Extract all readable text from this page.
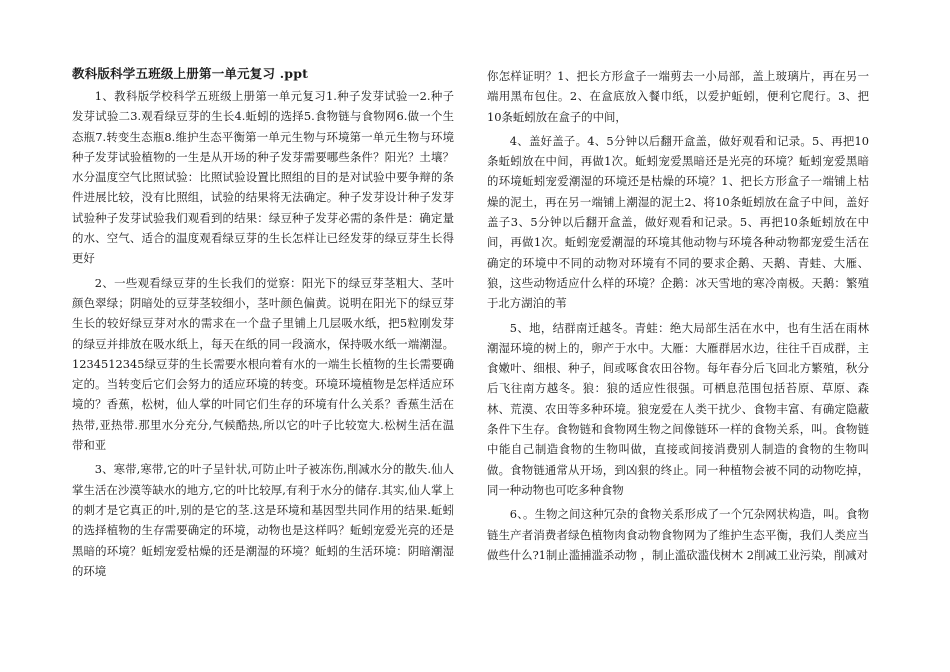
教科版科学五班级上册第一单元复习 .ppt

1、教科版学校科学五班级上册第一单元复习1.种子发芽试验一2.种子发芽试验二3.观看绿豆芽的生长4.蚯蚓的选择5.食物链与食物网6.做一个生态瓶7.转变生态瓶8.维护生态平衡第一单元生物与环境第一单元生物与环境种子发芽试验植物的一生是从开场的种子发芽需要哪些条件？阳光？土壤？水分温度空气比照试验：比照试验设置比照组的目的是对试验中要争辩的条件进展比较，没有比照组，试验的结果将无法确定。种子发芽设计种子发芽试验种子发芽试验我们观看到的结果：绿豆种子发芽必需的条件是：确定量的水、空气、适合的温度观看绿豆芽的生长怎样让已经发芽的绿豆芽生长得更好

2、一些观看绿豆芽的生长我们的觉察：阳光下的绿豆芽茎粗大、茎叶颜色翠绿；阴暗处的豆芽茎较细小，茎叶颜色偏黄。说明在阳光下的绿豆芽生长的较好绿豆芽对水的需求在一个盘子里铺上几层吸水纸，把5粒刚发芽的绿豆并排放在吸水纸上，每天在纸的同一段滴水，保持吸水纸一端潮湿。1234512345绿豆芽的生长需要水根向着有水的一端生长植物的生长需要确定的。当转变后它们会努力的适应环境的转变。环境环境植物是怎样适应环境的？香蕉，松树，仙人掌的叶同它们生存的环境有什么关系？香蕉生活在热带,亚热带.那里水分充分,气候酷热,所以它的叶子比较宽大.松树生活在温带和亚

3、寒带,寒带,它的叶子呈针状,可防止叶子被冻伤,削减水分的散失.仙人掌生活在沙漠等缺水的地方,它的叶比较厚,有利于水分的储存.其实,仙人掌上的刺才是它真正的叶,别的是它的茎.这是环境和基因型共同作用的结果.蚯蚓的选择植物的生存需要确定的环境，动物也是这样吗？蚯蚓宠爱光亮的还是黑暗的环境？蚯蚓宠爱枯燥的还是潮湿的环境？蚯蚓的生活环境：阴暗潮湿的环境

你怎样证明？1、把长方形盒子一端剪去一小局部，盖上玻璃片，再在另一端用黑布包住。2、在盒底放入餐巾纸，以爱护蚯蚓，便利它爬行。3、把10条蚯蚓放在盒子的中间，

4、盖好盖子。4、5分钟以后翻开盒盖，做好观看和记录。5、再把10条蚯蚓放在中间，再做1次。蚯蚓宠爱黑暗还是光亮的环境？蚯蚓宠爱黑暗的环境蚯蚓宠爱潮湿的环境还是枯燥的环境？1、把长方形盒子一端铺上枯燥的泥土，再在另一端铺上潮湿的泥土2、将10条蚯蚓放在盒子中间，盖好盖子3、5分钟以后翻开盒盖，做好观看和记录。5、再把10条蚯蚓放在中间，再做1次。蚯蚓宠爱潮湿的环境其他动物与环境各种动物都宠爱生活在确定的环境中不同的动物对环境有不同的要求企鹅、天鹅、青蛙、大雁、狼，这些动物适应什么样的环境？企鹅：冰天雪地的寒冷南极。天鹅：繁殖于北方湖泊的苇

5、地，结群南迁越冬。青蛙：绝大局部生活在水中，也有生活在雨林潮湿环境的树上的，卵产于水中。大雁：大雁群居水边，往往千百成群，主食嫩叶、细根、种子，间或啄食农田谷物。每年春分后飞回北方繁殖，秋分后飞往南方越冬。狼：狼的适应性很强。可栖息范围包括苔原、草原、森林、荒漠、农田等多种环境。狼宠爱在人类干扰少、食物丰富、有确定隐蔽条件下生存。食物链和食物网生物之间像链环一样的食物关系，叫。食物链中能自己制造食物的生物叫做，直接或间接消费别人制造的食物的生物叫做。食物链通常从开场，到凶狠的终止。同一种植物会被不同的动物吃掉，同一种动物也可吃多种食物

6、。生物之间这种冗杂的食物关系形成了一个冗杂网状构造，叫。食物链生产者消费者绿色植物肉食动物食物网为了维护生态平衡，我们人类应当做些什么?1制止滥捕滥杀动物 ，制止滥砍滥伐树木 2削减工业污染，削减对
